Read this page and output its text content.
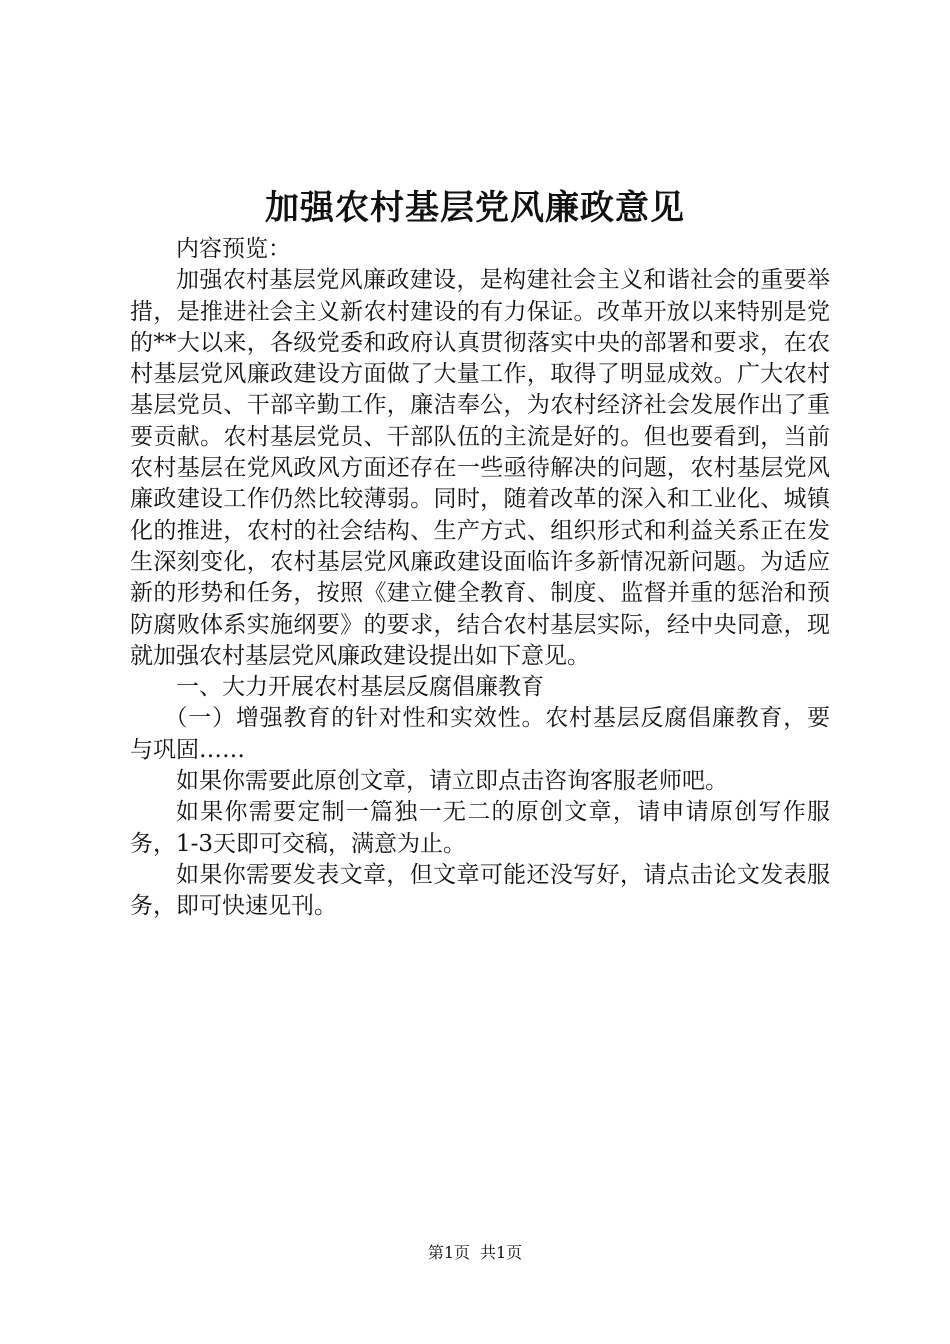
加强农村基层党风廉政意见

内容预览：

加强农村基层党风廉政建设，是构建社会主义和谐社会的重要举措，是推进社会主义新农村建设的有力保证。改革开放以来特别是党的**大以来，各级党委和政府认真贯彻落实中央的部署和要求，在农村基层党风廉政建设方面做了大量工作，取得了明显成效。广大农村基层党员、干部辛勤工作，廉洁奉公，为农村经济社会发展作出了重要贡献。农村基层党员、干部队伍的主流是好的。但也要看到，当前农村基层在党风政风方面还存在一些亟待解决的问题，农村基层党风廉政建设工作仍然比较薄弱。同时，随着改革的深入和工业化、城镇化的推进，农村的社会结构、生产方式、组织形式和利益关系正在发生深刻变化，农村基层党风廉政建设面临许多新情况新问题。为适应新的形势和任务，按照《建立健全教育、制度、监督并重的惩治和预防腐败体系实施纲要》的要求，结合农村基层实际，经中央同意，现就加强农村基层党风廉政建设提出如下意见。

一、大力开展农村基层反腐倡廉教育

（一）增强教育的针对性和实效性。农村基层反腐倡廉教育，要与巩固……

如果你需要此原创文章，请立即点击咨询客服老师吧。

如果你需要定制一篇独一无二的原创文章，请申请原创写作服务，1-3天即可交稿，满意为止。

如果你需要发表文章，但文章可能还没写好，请点击论文发表服务，即可快速见刊。

第1页 共1页
